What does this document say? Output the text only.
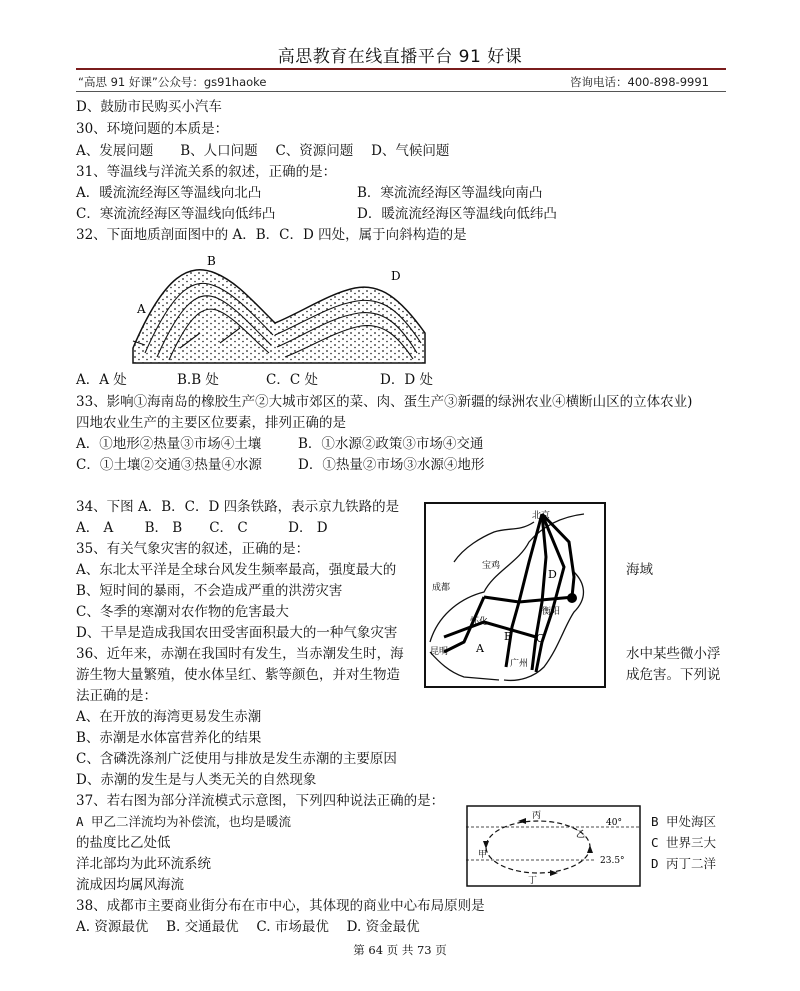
高思教育在线直播平台 91 好课
“高思 91 好课”公众号：gs91haoke	咨询电话：400-898-9991
D、鼓励市民购买小汽车
30、环境问题的本质是：
A、发展问题　　B、人口问题　 C、资源问题　 D、气候问题
31、等温线与洋流关系的叙述，正确的是：
A．暖流流经海区等温线向北凸	B．寒流流经海区等温线向南凸
C．寒流流经海区等温线向低纬凸	D．暖流流经海区等温线向低纬凸
32、下面地质剖面图中的 A．B．C．D 四处，属于向斜构造的是
B
A
D
A．A 处	B.B 处	C．C 处	D．D 处
33、影响①海南岛的橡胶生产②大城市郊区的菜、肉、蛋生产③新疆的绿洲农业④横断山区的立体农业)
四地农业生产的主要区位要素，排列正确的是
A．①地形②热量③市场④土壤	B．①水源②政策③市场④交通
C．①土壤②交通③热量④水源	D．①热量②市场③水源④地形
34、下图 A．B．C．D 四条铁路，表示京九铁路的是
A． A　　 B． B　　C． C　　　D． D
北京
宝鸡
成都
怀化
衡阳
昆明
广州
A
B C
D
35、有关气象灾害的叙述，正确的是：
A、东北太平洋是全球台风发生频率最高，强度最大的	海域
B、短时间的暴雨，不会造成严重的洪涝灾害
C、冬季的寒潮对农作物的危害最大
D、干旱是造成我国农田受害面积最大的一种气象灾害
36、近年来，赤潮在我国时有发生，当赤潮发生时，海	水中某些微小浮
游生物大量繁殖，使水体呈红、紫等颜色，并对生物造	成危害。下列说
法正确的是：
A、在开放的海湾更易发生赤潮
B、赤潮是水体富营养化的结果
C、含磷洗涤剂广泛使用与排放是发生赤潮的主要原因
D、赤潮的发生是与人类无关的自然现象
37、若右图为部分洋流模式示意图，下列四种说法正确的是：
A 甲乙二洋流均为补偿流，也均是暖流	B 甲处海区
的盐度比乙处低	C 世界三大
洋北部均为此环流系统	D 丙丁二洋
流成因均属风海流
丙
乙
甲
丁
40°
23.5°
38、成都市主要商业街分布在市中心，其体现的商业中心布局原则是
A. 资源最优　 B. 交通最优　 C. 市场最优　 D. 资金最优
第 64 页 共 73 页
